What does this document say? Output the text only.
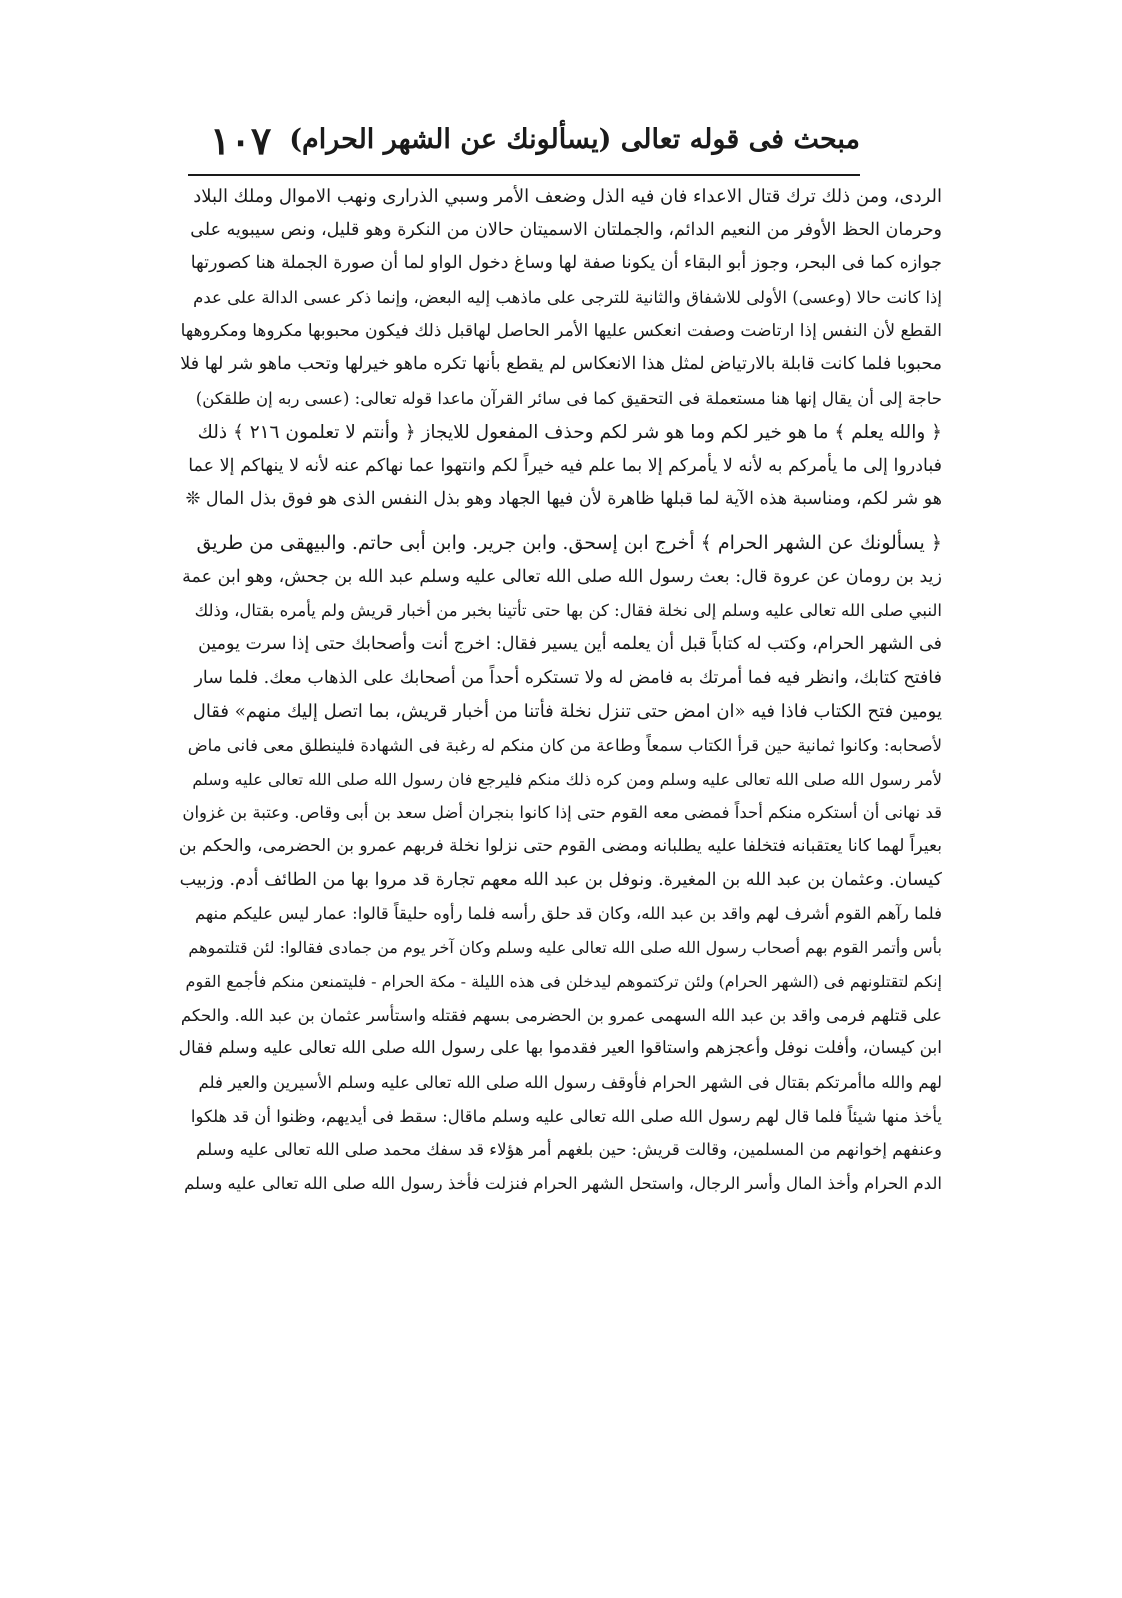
مبحث فى قوله تعالى (يسألونك عن الشهر الحرام)
١٠٧
الردى، ومن ذلك ترك قتال الاعداء فان فيه الذل وضعف الأمر وسبي الذرارى ونهب الاموال وملك البلاد
وحرمان الحظ الأوفر من النعيم الدائم، والجملتان الاسميتان حالان من النكرة وهو قليل، ونص سيبويه على
جوازه كما فى البحر، وجوز أبو البقاء أن يكونا صفة لها وساغ دخول الواو لما أن صورة الجملة هنا كصورتها
إذا كانت حالا (وعسى) الأولى للاشفاق والثانية للترجى على ماذهب إليه البعض، وإنما ذكر عسى الدالة على عدم
القطع لأن النفس إذا ارتاضت وصفت انعكس عليها الأمر الحاصل لهاقبل ذلك فيكون محبوبها مكروها ومكروهها
محبوبا فلما كانت قابلة بالارتياض لمثل هذا الانعكاس لم يقطع بأنها تكره ماهو خيرلها وتحب ماهو شر لها فلا
حاجة إلى أن يقال إنها هنا مستعملة فى التحقيق كما فى سائر القرآن ماعدا قوله تعالى: (عسى ربه إن طلقكن)
﴿ والله يعلم ﴾ ما هو خير لكم وما هو شر لكم وحذف المفعول للايجاز ﴿ وأنتم لا تعلمون ٢١٦ ﴾ ذلك
فبادروا إلى ما يأمركم به لأنه لا يأمركم إلا بما علم فيه خيراً لكم وانتهوا عما نهاكم عنه لأنه لا ينهاكم إلا عما
هو شر لكم، ومناسبة هذه الآية لما قبلها ظاهرة لأن فيها الجهاد وهو بذل النفس الذى هو فوق بذل المال ❊
﴿ يسألونك عن الشهر الحرام ﴾ أخرج ابن إسحق. وابن جرير. وابن أبى حاتم. والبيهقى من طريق
زيد بن رومان عن عروة قال: بعث رسول الله صلى الله تعالى عليه وسلم عبد الله بن جحش، وهو ابن عمة
النبي صلى الله تعالى عليه وسلم إلى نخلة فقال: كن بها حتى تأتينا بخبر من أخبار قريش ولم يأمره بقتال، وذلك
فى الشهر الحرام، وكتب له كتاباً قبل أن يعلمه أين يسير فقال: اخرج أنت وأصحابك حتى إذا سرت يومين
فافتح كتابك، وانظر فيه فما أمرتك به فامض له ولا تستكره أحداً من أصحابك على الذهاب معك. فلما سار
يومين فتح الكتاب فاذا فيه «ان امض حتى تنزل نخلة فأتنا من أخبار قريش، بما اتصل إليك منهم» فقال
لأصحابه: وكانوا ثمانية حين قرأ الكتاب سمعاً وطاعة من كان منكم له رغبة فى الشهادة فلينطلق معى فانى ماض
لأمر رسول الله صلى الله تعالى عليه وسلم ومن كره ذلك منكم فليرجع فان رسول الله صلى الله تعالى عليه وسلم
قد نهانى أن أستكره منكم أحداً فمضى معه القوم حتى إذا كانوا بنجران أضل سعد بن أبى وقاص. وعتبة بن غزوان
بعيراً لهما كانا يعتقبانه فتخلفا عليه يطلبانه ومضى القوم حتى نزلوا نخلة فربهم عمرو بن الحضرمى، والحكم بن
كيسان. وعثمان بن عبد الله بن المغيرة. ونوفل بن عبد الله معهم تجارة قد مروا بها من الطائف أدم. وزبيب
فلما رآهم القوم أشرف لهم واقد بن عبد الله، وكان قد حلق رأسه فلما رأوه حليقاً قالوا: عمار ليس عليكم منهم
بأس وأتمر القوم بهم أصحاب رسول الله صلى الله تعالى عليه وسلم وكان آخر يوم من جمادى فقالوا: لئن قتلتموهم
إنكم لتقتلونهم فى (الشهر الحرام) ولئن تركتموهم ليدخلن فى هذه الليلة - مكة الحرام - فليتمنعن منكم فأجمع القوم
على قتلهم فرمى واقد بن عبد الله السهمى عمرو بن الحضرمى بسهم فقتله واستأسر عثمان بن عبد الله. والحكم
ابن كيسان، وأفلت نوفل وأعجزهم واستاقوا العير فقدموا بها على رسول الله صلى الله تعالى عليه وسلم فقال
لهم والله ماأمرتكم بقتال فى الشهر الحرام فأوقف رسول الله صلى الله تعالى عليه وسلم الأسيرين والعير فلم
يأخذ منها شيئاً فلما قال لهم رسول الله صلى الله تعالى عليه وسلم ماقال: سقط فى أيديهم، وظنوا أن قد هلكوا
وعنفهم إخوانهم من المسلمين، وقالت قريش: حين بلغهم أمر هؤلاء قد سفك محمد صلى الله تعالى عليه وسلم
الدم الحرام وأخذ المال وأسر الرجال، واستحل الشهر الحرام فنزلت فأخذ رسول الله صلى الله تعالى عليه وسلم
